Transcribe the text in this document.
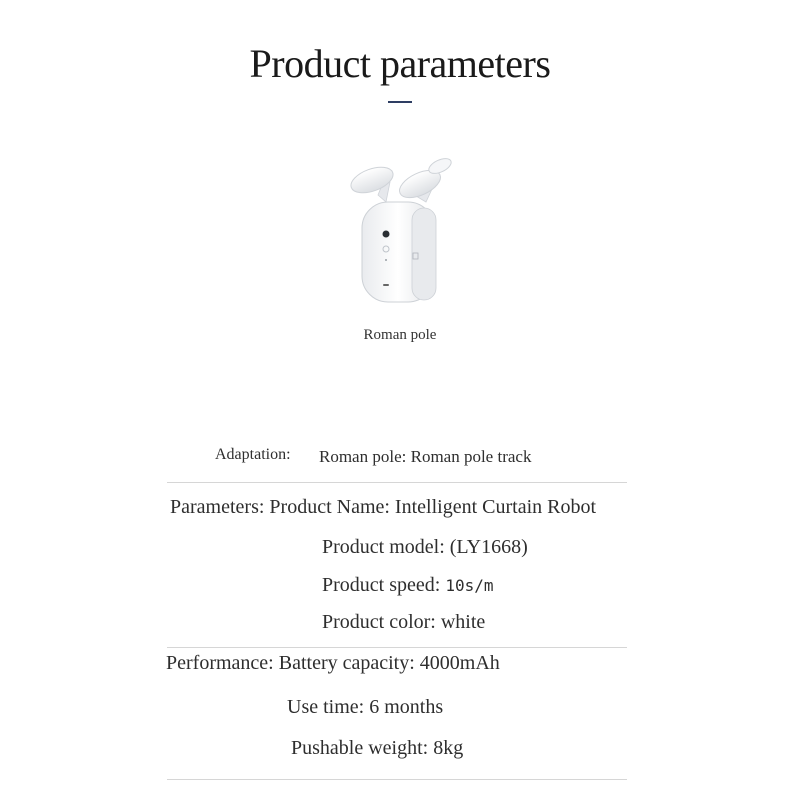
Product parameters
Roman pole
Adaptation: Roman pole: Roman pole track
Parameters: Product Name: Intelligent Curtain Robot
Product model: (LY1668)
Product speed: 10s/m
Product color: white
Performance: Battery capacity: 4000mAh
Use time: 6 months
Pushable weight: 8kg
